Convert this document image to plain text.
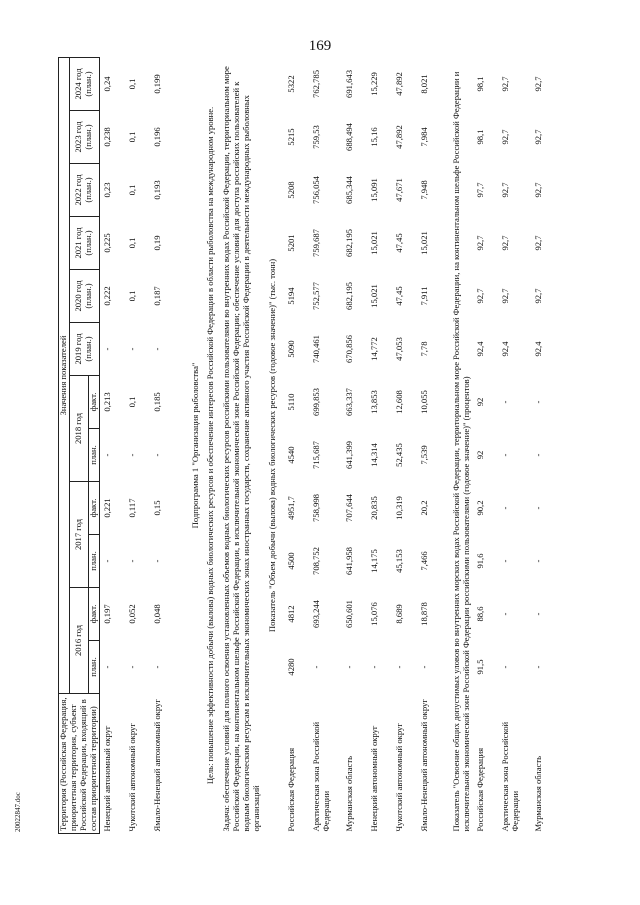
169
20022847.doc	Территория (Российская Федерация, приоритетная территория, субъект Российской Федерации, входящий в состав приоритетной территории)	Значения показателей											
	2016 год		2017 год		2018 год		2019 год (план.)	2020 год (план.)	2021 год (план.)	2022 год (план.)	2023 год (план.)	2024 год (план.)
	план.	факт.	план.	факт.	план.	факт.						
Ненецкий автономный округ	-	0,197	-	0,221	-	0,213	-	0,222	0,225	0,23	0,238	0,24
Чукотский автономный округ	-	0,052	-	0,117	-	0,1	-	0,1	0,1	0,1	0,1	0,1
Ямало-Ненецкий автономный округ	-	0,048	-	0,15	-	0,185	-	0,187	0,19	0,193	0,196	0,199
Подпрограмма 1 "Организация рыболовства"												
Цель: повышение эффективности добычи (вылова) водных биологических ресурсов и обеспечение интересов Российской Федерации в области рыболовства на международном уровне.												
Задача: обеспечение условий для полного освоения установленных объемов водных биологических ресурсов российскими пользователями во внутренних водах Российской Федерации, территориальном море Российской Федерации, на континентальном шельфе Российской Федерации, в исключительной экономической зоне Российской Федерации; обеспечение условий для доступа российских пользователей к водным биологическим ресурсам в исключительных экономических зонах иностранных государств, сохранение активного участия Российской Федерации в деятельности международных рыболовных организаций												
Показатель "Объем добычи (вылова) водных биологических ресурсов (годовое значение)" (тыс. тонн)												
Российская Федерация	4280	4812	4500	4951,7	4540	5110	5090	5194	5201	5208	5215	5322
Арктическая зона Российской Федерации	-	693,244	708,752	758,998	715,687	699,853	740,461	752,577	759,687	756,054	759,53	762,785
Мурманская область	-	650,601	641,958	707,644	641,399	663,337	670,856	682,195	682,195	685,344	688,494	691,643
Ненецкий автономный округ	-	15,076	14,175	20,835	14,314	13,853	14,772	15,021	15,021	15,091	15,16	15,229
Чукотский автономный округ	-	8,689	45,153	10,319	52,435	12,608	47,053	47,45	47,45	47,671	47,892	47,892
Ямало-Ненецкий автономный округ	-	18,878	7,466	20,2	7,539	10,055	7,78	7,911	15,021	7,948	7,984	8,021
Показатель "Освоение общих допустимых уловов во внутренних морских водах Российской Федерации, территориальном море Российской Федерации, на континентальном шельфе Российской Федерации и исключительной экономической зоне Российской Федерации российскими пользователями (годовое значение)" (процентов)												
Российская Федерация	91,5	88,6	91,6	90,2	92	92	92,4	92,7	92,7	97,7	98,1	98,1
Арктическая зона Российской Федерации	-	-	-	-	-	-	92,4	92,7	92,7	92,7	92,7	92,7
Мурманская область	-	-	-	-	-	-	92,4	92,7	92,7	92,7	92,7	92,7
